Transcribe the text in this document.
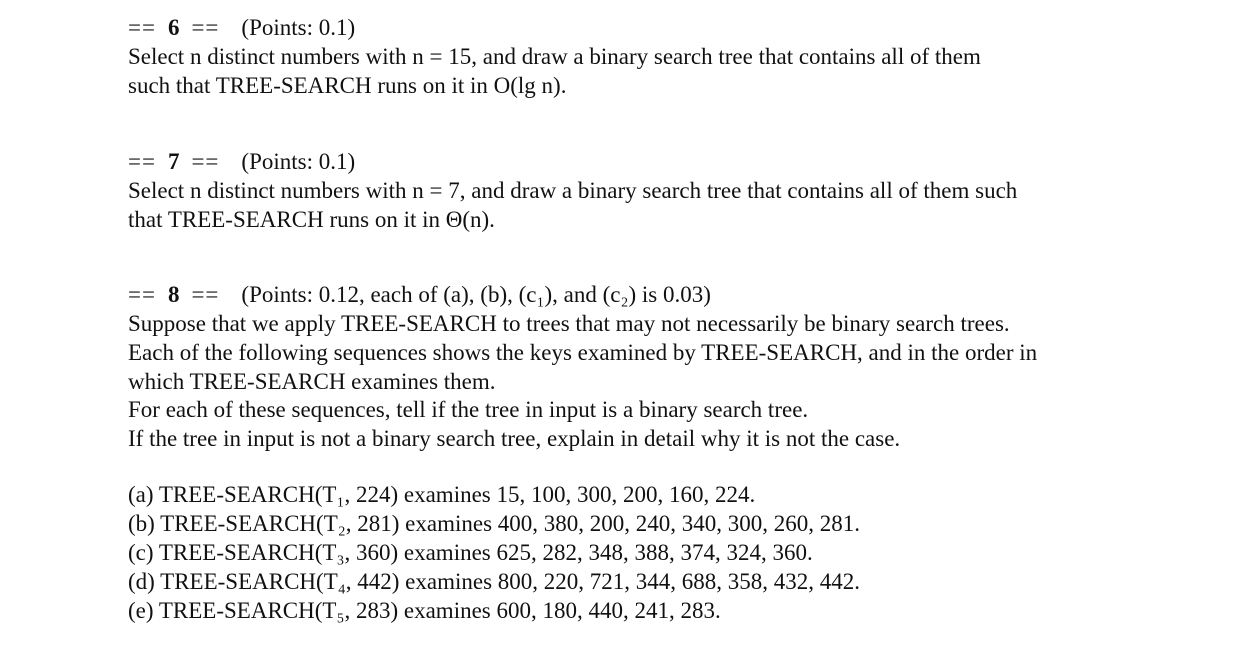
== 6 == (Points: 0.1)
Select n distinct numbers with n = 15, and draw a binary search tree that contains all of them
such that TREE-SEARCH runs on it in O(lg n).
== 7 == (Points: 0.1)
Select n distinct numbers with n = 7, and draw a binary search tree that contains all of them such
that TREE-SEARCH runs on it in Θ(n).
== 8 == (Points: 0.12, each of (a), (b), (c₁), and (c₂) is 0.03)
Suppose that we apply TREE-SEARCH to trees that may not necessarily be binary search trees.
Each of the following sequences shows the keys examined by TREE-SEARCH, and in the order in
which TREE-SEARCH examines them.
For each of these sequences, tell if the tree in input is a binary search tree.
If the tree in input is not a binary search tree, explain in detail why it is not the case.
(a) TREE-SEARCH(T₁, 224) examines 15, 100, 300, 200, 160, 224.
(b) TREE-SEARCH(T₂, 281) examines 400, 380, 200, 240, 340, 300, 260, 281.
(c) TREE-SEARCH(T₃, 360) examines 625, 282, 348, 388, 374, 324, 360.
(d) TREE-SEARCH(T₄, 442) examines 800, 220, 721, 344, 688, 358, 432, 442.
(e) TREE-SEARCH(T₅, 283) examines 600, 180, 440, 241, 283.
